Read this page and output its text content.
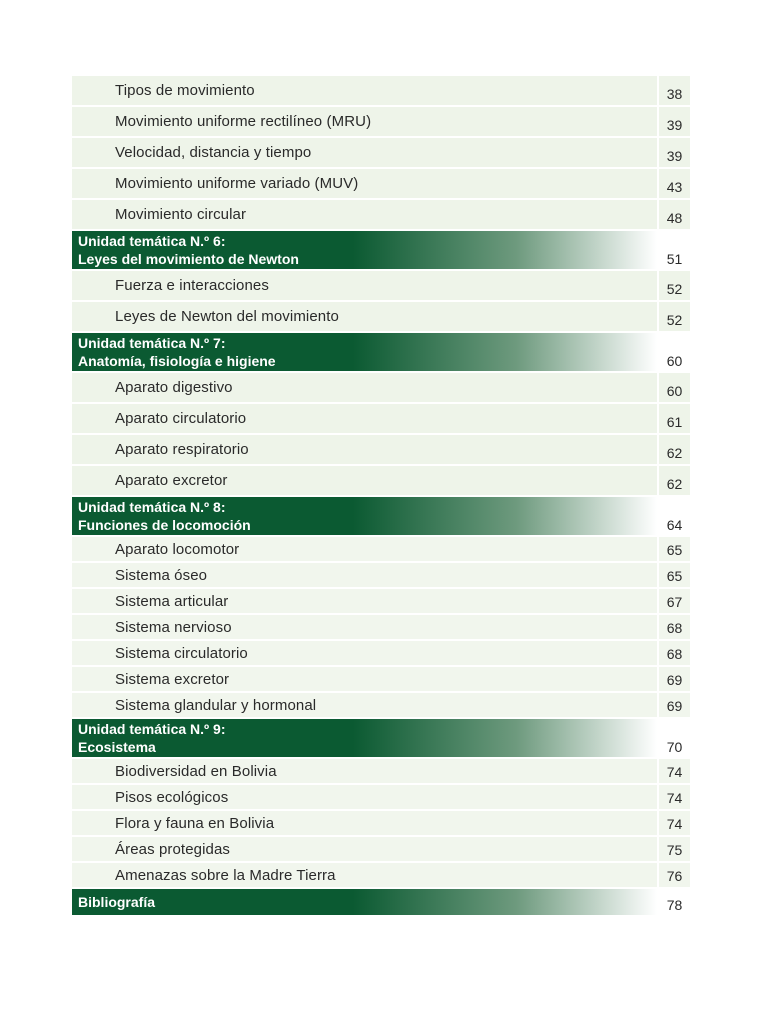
Tipos de movimiento	38
Movimiento uniforme rectilíneo (MRU)	39
Velocidad, distancia y tiempo	39
Movimiento uniforme variado (MUV)	43
Movimiento circular	48
Unidad temática N.º 6:
Leyes del movimiento de Newton	51
Fuerza e interacciones	52
Leyes de Newton del movimiento	52
Unidad temática N.º 7:
Anatomía, fisiología e higiene	60
Aparato digestivo	60
Aparato circulatorio	61
Aparato respiratorio	62
Aparato excretor	62
Unidad temática N.º 8:
Funciones de locomoción	64
Aparato locomotor	65
Sistema óseo	65
Sistema articular	67
Sistema nervioso	68
Sistema circulatorio	68
Sistema excretor	69
Sistema glandular y hormonal	69
Unidad temática N.º 9:
Ecosistema	70
Biodiversidad en Bolivia	74
Pisos ecológicos	74
Flora y fauna en Bolivia	74
Áreas protegidas	75
Amenazas sobre la Madre Tierra	76
Bibliografía	78
